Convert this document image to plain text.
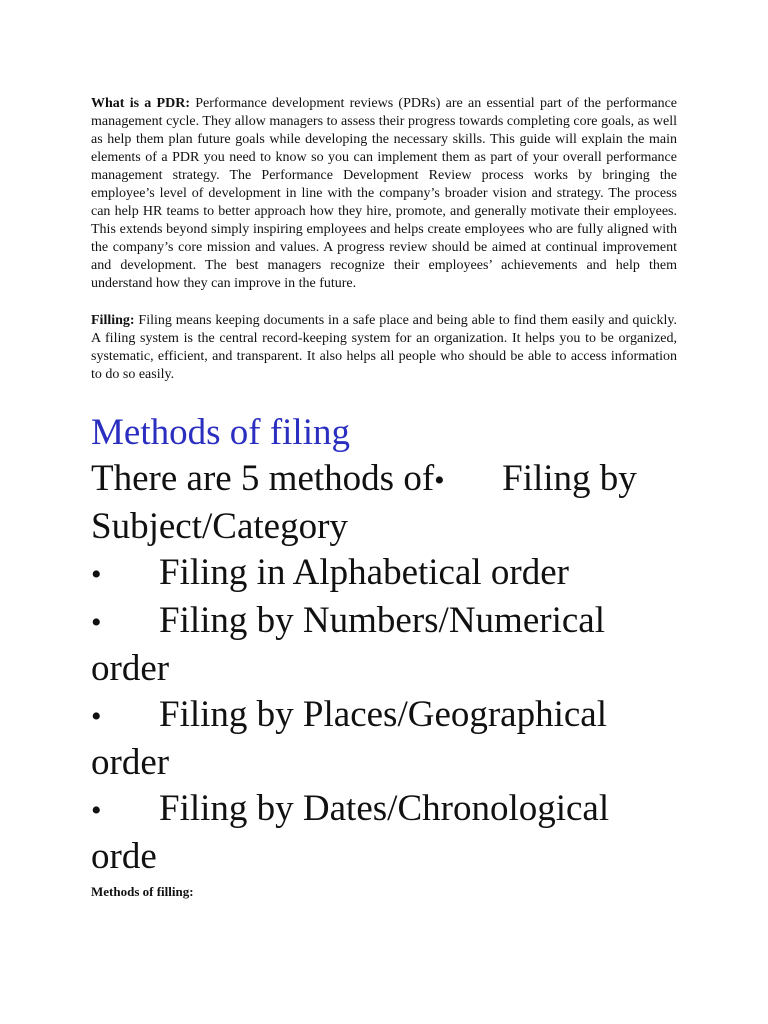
What is a PDR: Performance development reviews (PDRs) are an essential part of the performance management cycle. They allow managers to assess their progress towards completing core goals, as well as help them plan future goals while developing the necessary skills. This guide will explain the main elements of a PDR you need to know so you can implement them as part of your overall performance management strategy. The Performance Development Review process works by bringing the employee’s level of development in line with the company’s broader vision and strategy. The process can help HR teams to better approach how they hire, promote, and generally motivate their employees. This extends beyond simply inspiring employees and helps create employees who are fully aligned with the company’s core mission and values. A progress review should be aimed at continual improvement and development. The best managers recognize their employees’ achievements and help them understand how they can improve in the future.

Filling: Filing means keeping documents in a safe place and being able to find them easily and quickly. A filing system is the central record-keeping system for an organization. It helps you to be organized, systematic, efficient, and transparent. It also helps all people who should be able to access information to do so easily.

Methods of filing
There are 5 methods of• Filing by Subject/Category
• Filing in Alphabetical order
• Filing by Numbers/Numerical order
• Filing by Places/Geographical order
• Filing by Dates/Chronological orde

Methods of filling:
